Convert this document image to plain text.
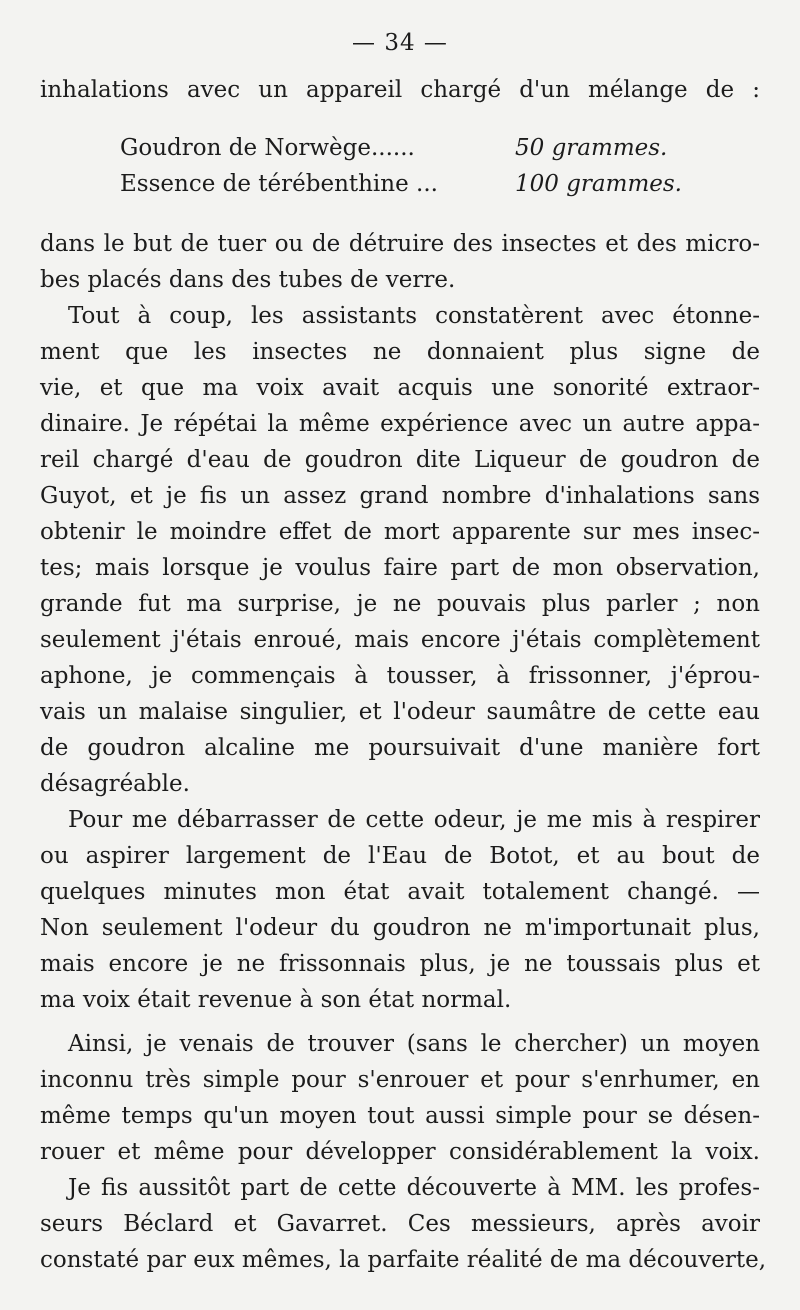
— 34 —
inhalations avec un appareil chargé d'un mélange de :
Goudron de Norwège......	50 grammes.
Essence de térébenthine ...	100 grammes.
dans le but de tuer ou de détruire des insectes et des micro-
bes placés dans des tubes de verre.
Tout à coup, les assistants constatèrent avec étonne-
ment que les insectes ne donnaient plus signe de
vie, et que ma voix avait acquis une sonorité extraor-
dinaire. Je répétai la même expérience avec un autre appa-
reil chargé d'eau de goudron dite Liqueur de goudron de
Guyot, et je fis un assez grand nombre d'inhalations sans
obtenir le moindre effet de mort apparente sur mes insec-
tes; mais lorsque je voulus faire part de mon observation,
grande fut ma surprise, je ne pouvais plus parler ; non
seulement j'étais enroué, mais encore j'étais complètement
aphone, je commençais à tousser, à frissonner, j'éprou-
vais un malaise singulier, et l'odeur saumâtre de cette eau
de goudron alcaline me poursuivait d'une manière fort
désagréable.
Pour me débarrasser de cette odeur, je me mis à respirer
ou aspirer largement de l'Eau de Botot, et au bout de
quelques minutes mon état avait totalement changé. —
Non seulement l'odeur du goudron ne m'importunait plus,
mais encore je ne frissonnais plus, je ne toussais plus et
ma voix était revenue à son état normal.
Ainsi, je venais de trouver (sans le chercher) un moyen
inconnu très simple pour s'enrouer et pour s'enrhumer, en
même temps qu'un moyen tout aussi simple pour se désen-
rouer et même pour développer considérablement la voix.
Je fis aussitôt part de cette découverte à MM. les profes-
seurs Béclard et Gavarret. Ces messieurs, après avoir
constaté par eux mêmes, la parfaite réalité de ma découverte,
